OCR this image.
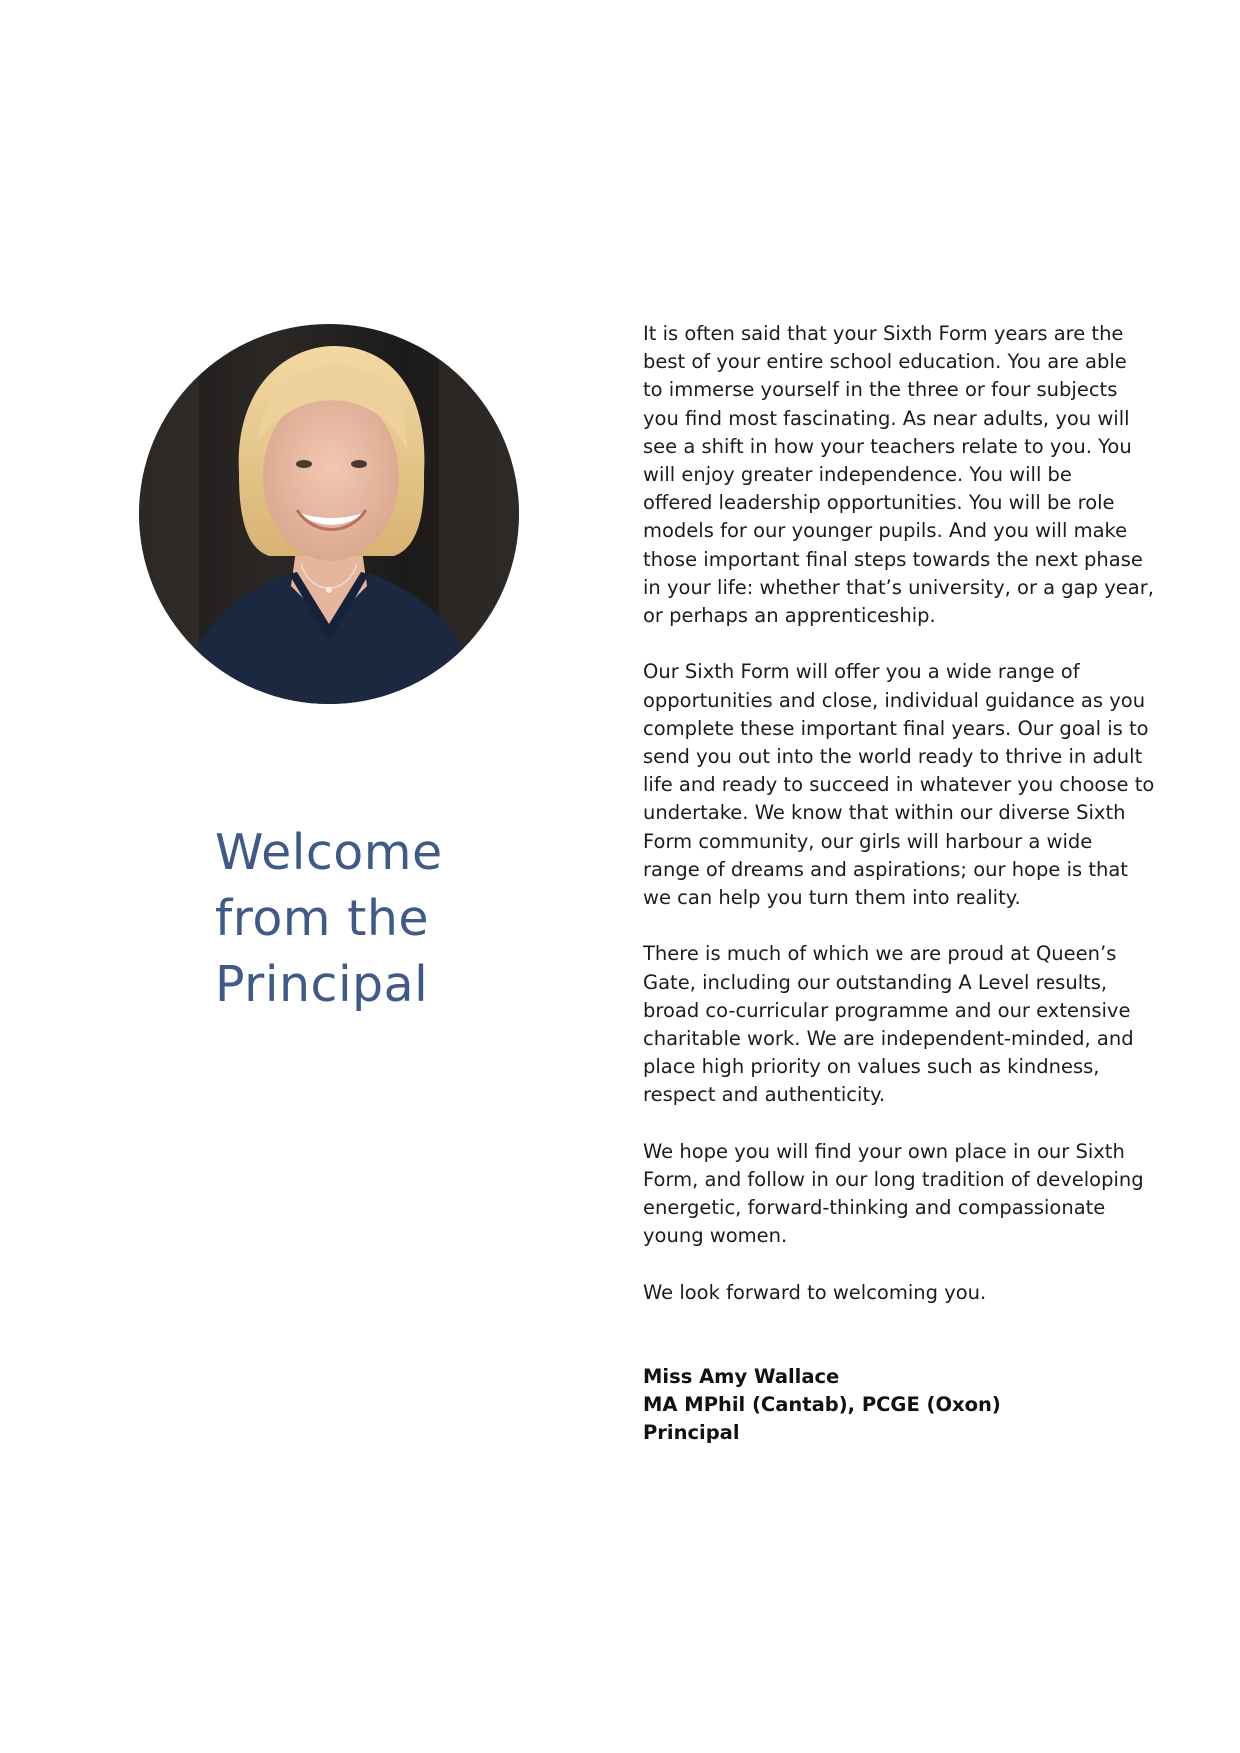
Welcome
from the
Principal

It is often said that your Sixth Form years are the
best of your entire school education. You are able
to immerse yourself in the three or four subjects
you find most fascinating. As near adults, you will
see a shift in how your teachers relate to you. You
will enjoy greater independence. You will be
offered leadership opportunities. You will be role
models for our younger pupils. And you will make
those important final steps towards the next phase
in your life: whether that’s university, or a gap year,
or perhaps an apprenticeship.

Our Sixth Form will offer you a wide range of
opportunities and close, individual guidance as you
complete these important final years. Our goal is to
send you out into the world ready to thrive in adult
life and ready to succeed in whatever you choose to
undertake. We know that within our diverse Sixth
Form community, our girls will harbour a wide
range of dreams and aspirations; our hope is that
we can help you turn them into reality.

There is much of which we are proud at Queen’s
Gate, including our outstanding A Level results,
broad co-curricular programme and our extensive
charitable work. We are independent-minded, and
place high priority on values such as kindness,
respect and authenticity.

We hope you will find your own place in our Sixth
Form, and follow in our long tradition of developing
energetic, forward-thinking and compassionate
young women.

We look forward to welcoming you.

Miss Amy Wallace
MA MPhil (Cantab), PCGE (Oxon)
Principal
